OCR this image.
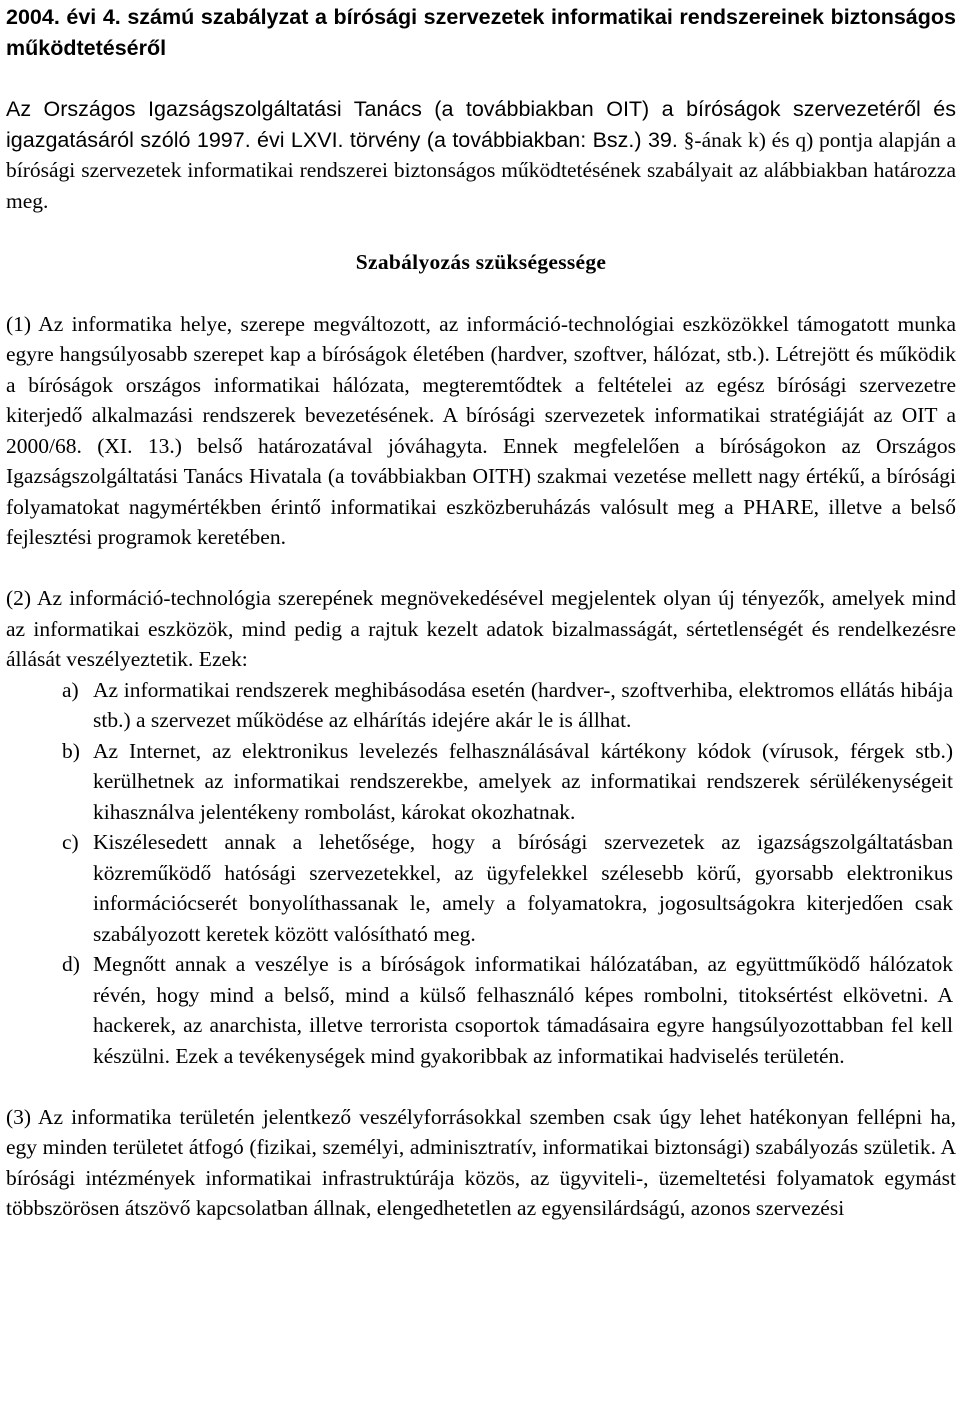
2004. évi 4. számú szabályzat a bírósági szervezetek informatikai rendszereinek biztonságos működtetéséről

Az Országos Igazságszolgáltatási Tanács (a továbbiakban OIT) a bíróságok szervezetéről és igazgatásáról szóló 1997. évi LXVI. törvény (a továbbiakban: Bsz.) 39. §-ának k) és q) pontja alapján a bírósági szervezetek informatikai rendszerei biztonságos működtetésének szabályait az alábbiakban határozza meg.

Szabályozás szükségessége

(1) Az informatika helye, szerepe megváltozott, az információ-technológiai eszközökkel támogatott munka egyre hangsúlyosabb szerepet kap a bíróságok életében (hardver, szoftver, hálózat, stb.). Létrejött és működik a bíróságok országos informatikai hálózata, megteremtődtek a feltételei az egész bírósági szervezetre kiterjedő alkalmazási rendszerek bevezetésének. A bírósági szervezetek informatikai stratégiáját az OIT a 2000/68. (XI. 13.) belső határozatával jóváhagyta. Ennek megfelelően a bíróságokon az Országos Igazságszolgáltatási Tanács Hivatala (a továbbiakban OITH) szakmai vezetése mellett nagy értékű, a bírósági folyamatokat nagymértékben érintő informatikai eszközberuházás valósult meg a PHARE, illetve a belső fejlesztési programok keretében.

(2) Az információ-technológia szerepének megnövekedésével megjelentek olyan új tényezők, amelyek mind az informatikai eszközök, mind pedig a rajtuk kezelt adatok bizalmasságát, sértetlenségét és rendelkezésre állását veszélyeztetik. Ezek:

a) Az informatikai rendszerek meghibásodása esetén (hardver-, szoftverhiba, elektromos ellátás hibája stb.) a szervezet működése az elhárítás idejére akár le is állhat.
b) Az Internet, az elektronikus levelezés felhasználásával kártékony kódok (vírusok, férgek stb.) kerülhetnek az informatikai rendszerekbe, amelyek az informatikai rendszerek sérülékenységeit kihasználva jelentékeny rombolást, károkat okozhatnak.
c) Kiszélesedett annak a lehetősége, hogy a bírósági szervezetek az igazságszolgáltatásban közreműködő hatósági szervezetekkel, az ügyfelekkel szélesebb körű, gyorsabb elektronikus információcserét bonyolíthassanak le, amely a folyamatokra, jogosultságokra kiterjedően csak szabályozott keretek között valósítható meg.
d) Megnőtt annak a veszélye is a bíróságok informatikai hálózatában, az együttműködő hálózatok révén, hogy mind a belső, mind a külső felhasználó képes rombolni, titoksértést elkövetni. A hackerek, az anarchista, illetve terrorista csoportok támadásaira egyre hangsúlyozottabban fel kell készülni. Ezek a tevékenységek mind gyakoribbak az informatikai hadviselés területén.

(3) Az informatika területén jelentkező veszélyforrásokkal szemben csak úgy lehet hatékonyan fellépni ha, egy minden területet átfogó (fizikai, személyi, adminisztratív, informatikai biztonsági) szabályozás születik. A bírósági intézmények informatikai infrastruktúrája közös, az ügyviteli-, üzemeltetési folyamatok egymást többszörösen átszövő kapcsolatban állnak, elengedhetetlen az egyensilárdságú, azonos szervezési
